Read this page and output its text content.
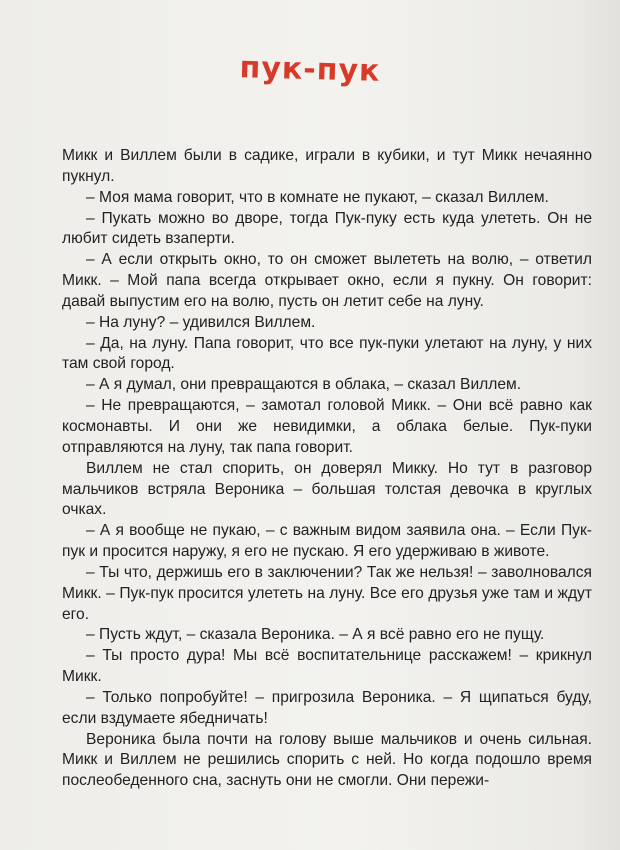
пук-пук

Микк и Виллем были в садике, играли в кубики, и тут Микк нечаянно пукнул.

– Моя мама говорит, что в комнате не пукают, – сказал Виллем.

– Пукать можно во дворе, тогда Пук-пуку есть куда улететь. Он не любит сидеть взаперти.

– А если открыть окно, то он сможет вылететь на волю, – ответил Микк. – Мой папа всегда открывает окно, если я пукну. Он говорит: давай выпустим его на волю, пусть он летит себе на луну.

– На луну? – удивился Виллем.

– Да, на луну. Папа говорит, что все пук-пуки улетают на луну, у них там свой город.

– А я думал, они превращаются в облака, – сказал Виллем.

– Не превращаются, – замотал головой Микк. – Они всё равно как космонавты. И они же невидимки, а облака белые. Пук-пуки отправляются на луну, так папа говорит.

Виллем не стал спорить, он доверял Микку. Но тут в разговор мальчиков встряла Вероника – большая толстая девочка в круглых очках.

– А я вообще не пукаю, – с важным видом заявила она. – Если Пук-пук и просится наружу, я его не пускаю. Я его удерживаю в животе.

– Ты что, держишь его в заключении? Так же нельзя! – заволновался Микк. – Пук-пук просится улететь на луну. Все его друзья уже там и ждут его.

– Пусть ждут, – сказала Вероника. – А я всё равно его не пущу.

– Ты просто дура! Мы всё воспитательнице расскажем! – крикнул Микк.

– Только попробуйте! – пригрозила Вероника. – Я щипаться буду, если вздумаете ябедничать!

Вероника была почти на голову выше мальчиков и очень сильная. Микк и Виллем не решились спорить с ней. Но когда подошло время послеобеденного сна, заснуть они не смогли. Они пережи-
